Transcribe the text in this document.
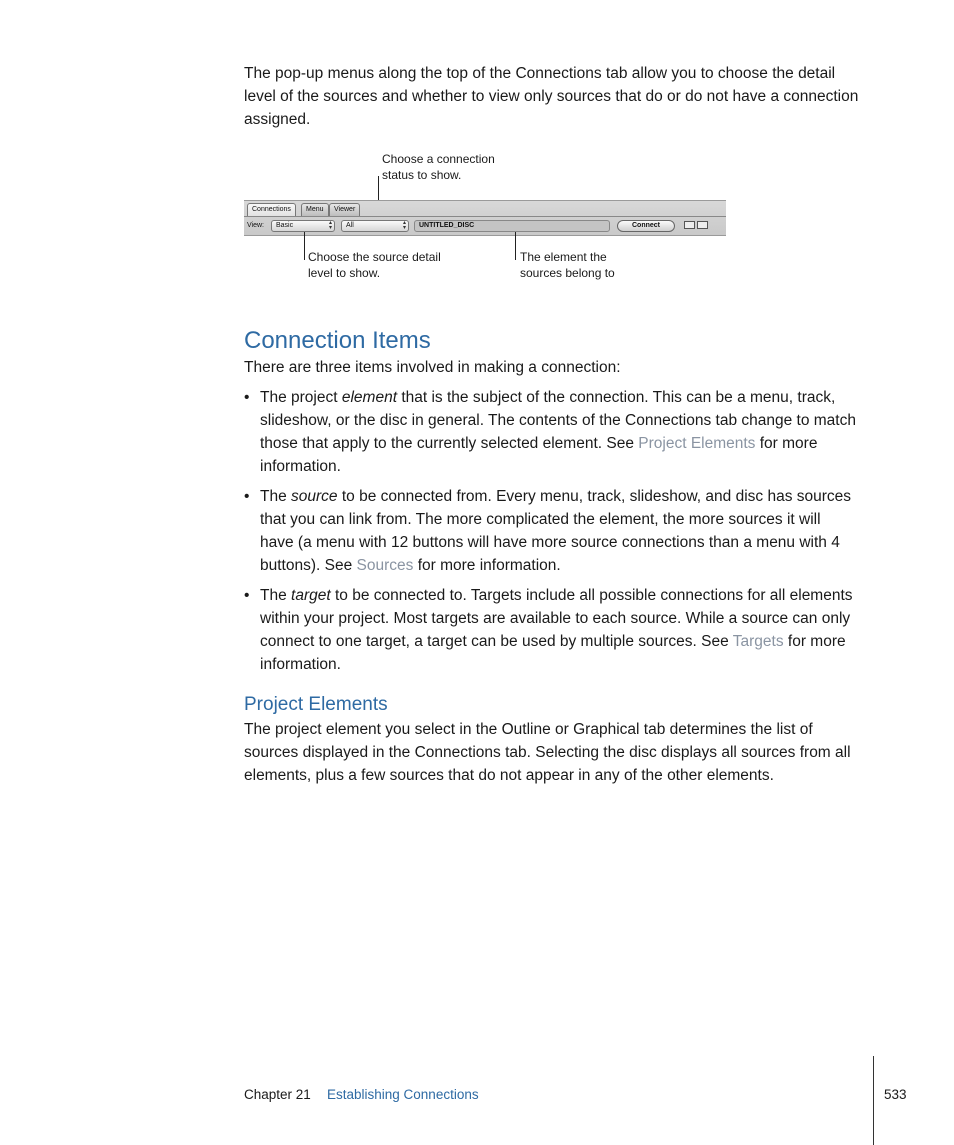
The pop-up menus along the top of the Connections tab allow you to choose the detail
level of the sources and whether to view only sources that do or do not have a connection
assigned.
Choose a connection
status to show.
Connections	Menu	Viewer
View:	Basic	▴
▾	All	▴
▾	UNTITLED_DISC	Connect
Choose the source detail
level to show.
The element the
sources belong to
Connection Items
There are three items involved in making a connection:
• The project element that is the subject of the connection. This can be a menu, track,
slideshow, or the disc in general. The contents of the Connections tab change to match
those that apply to the currently selected element. See Project Elements for more
information.
• The source to be connected from. Every menu, track, slideshow, and disc has sources
that you can link from. The more complicated the element, the more sources it will
have (a menu with 12 buttons will have more source connections than a menu with 4
buttons). See Sources for more information.
• The target to be connected to. Targets include all possible connections for all elements
within your project. Most targets are available to each source. While a source can only
connect to one target, a target can be used by multiple sources. See Targets for more
information.
Project Elements
The project element you select in the Outline or Graphical tab determines the list of
sources displayed in the Connections tab. Selecting the disc displays all sources from all
elements, plus a few sources that do not appear in any of the other elements.
Chapter 21 Establishing Connections	533
